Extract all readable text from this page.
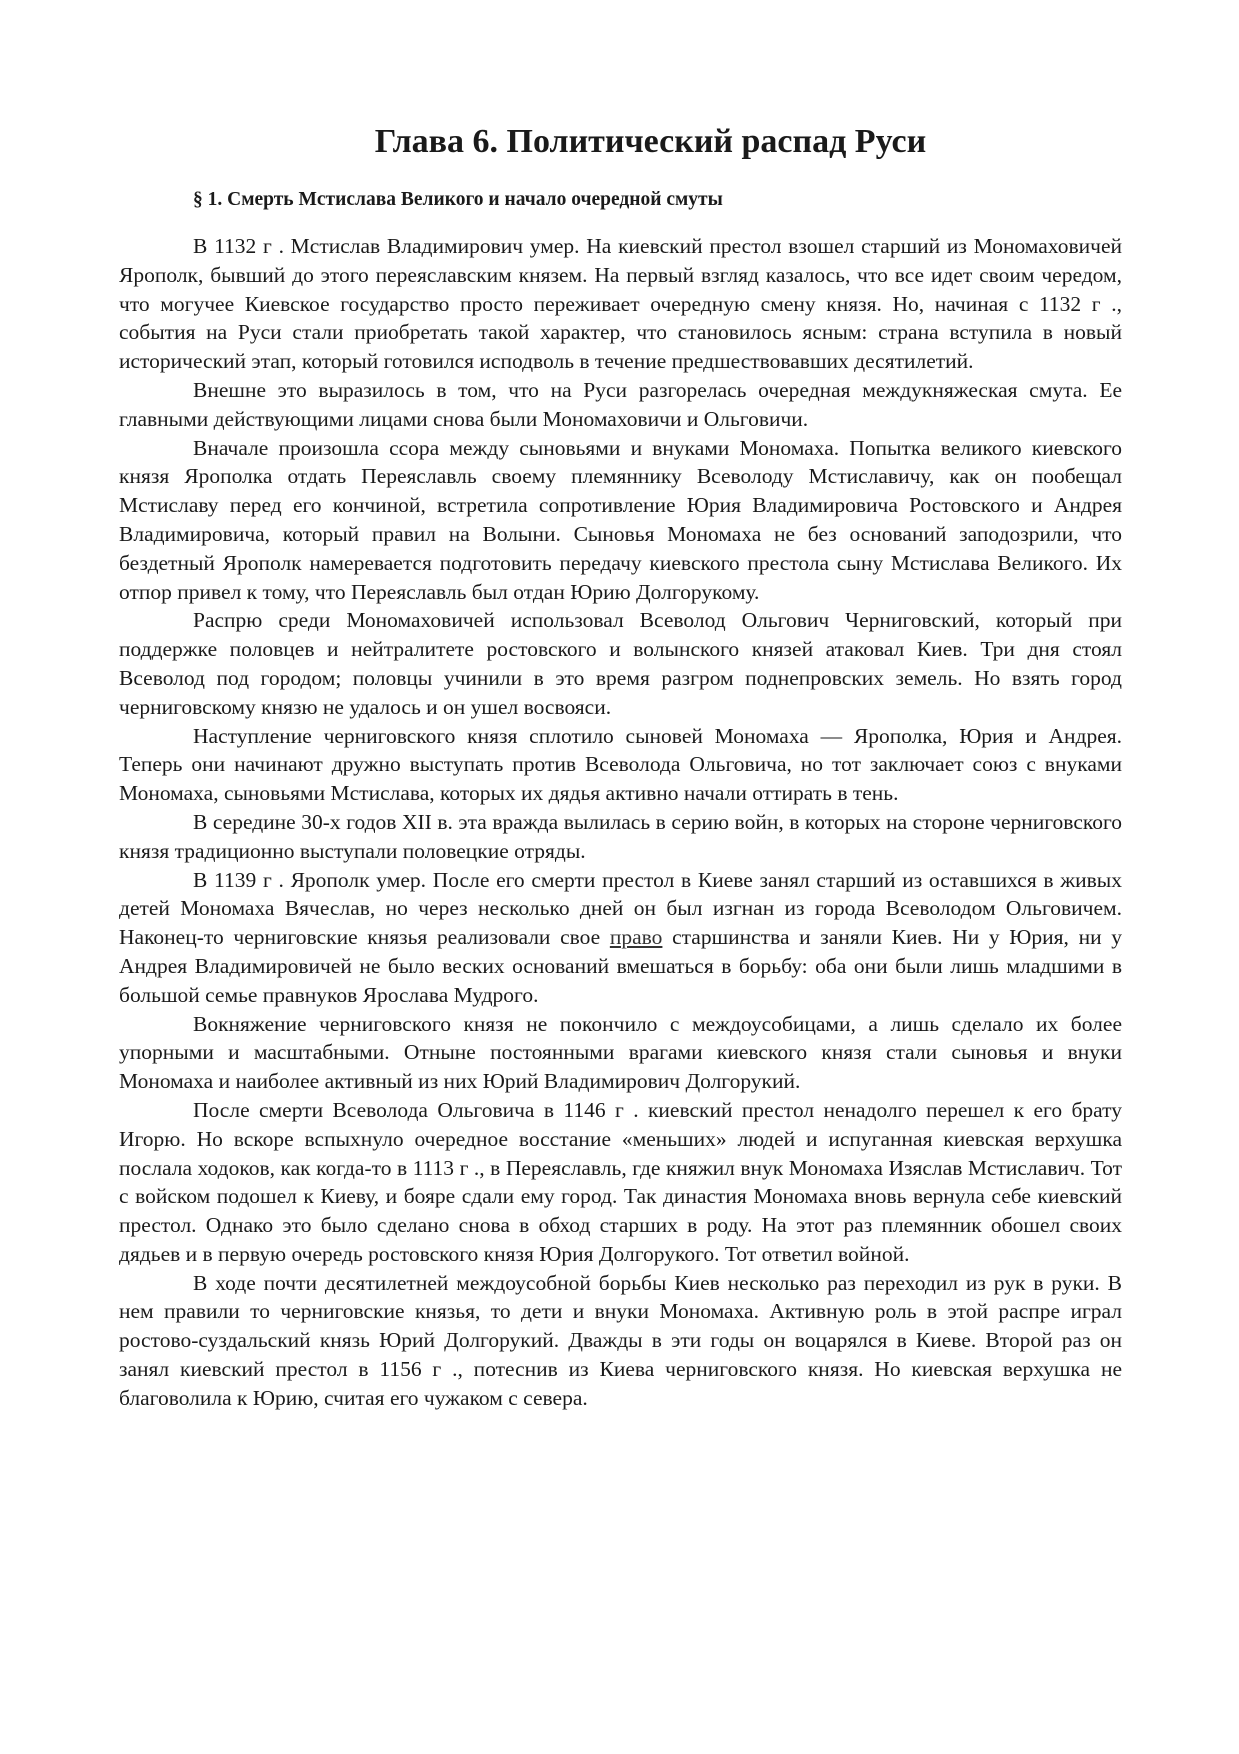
Глава 6. Политический распад Руси
§ 1. Смерть Мстислава Великого и начало очередной смуты

В 1132 г . Мстислав Владимирович умер. На киевский престол взошел старший из Мономаховичей Ярополк, бывший до этого переяславским князем. На первый взгляд казалось, что все идет своим чередом, что могучее Киевское государство просто переживает очередную смену князя. Но, начиная с 1132 г ., события на Руси стали приобретать такой характер, что становилось ясным: страна вступила в новый исторический этап, который готовился исподволь в течение предшествовавших десятилетий.

Внешне это выразилось в том, что на Руси разгорелась очередная междукняжеская смута. Ее главными действующими лицами снова были Мономаховичи и Ольговичи.

Вначале произошла ссора между сыновьями и внуками Мономаха. Попытка великого киевского князя Ярополка отдать Переяславль своему племяннику Всеволоду Мстиславичу, как он пообещал Мстиславу перед его кончиной, встретила сопротивление Юрия Владимировича Ростовского и Андрея Владимировича, который правил на Волыни. Сыновья Мономаха не без оснований заподозрили, что бездетный Ярополк намеревается подготовить передачу киевского престола сыну Мстислава Великого. Их отпор привел к тому, что Переяславль был отдан Юрию Долгорукому.

Распрю среди Мономаховичей использовал Всеволод Ольгович Черниговский, который при поддержке половцев и нейтралитете ростовского и волынского князей атаковал Киев. Три дня стоял Всеволод под городом; половцы учинили в это время разгром поднепровских земель. Но взять город черниговскому князю не удалось и он ушел восвояси.

Наступление черниговского князя сплотило сыновей Мономаха — Ярополка, Юрия и Андрея. Теперь они начинают дружно выступать против Всеволода Ольговича, но тот заключает союз с внуками Мономаха, сыновьями Мстислава, которых их дядья активно начали оттирать в тень.

В середине 30-х годов XII в. эта вражда вылилась в серию войн, в которых на стороне черниговского князя традиционно выступали половецкие отряды.

В 1139 г . Ярополк умер. После его смерти престол в Киеве занял старший из оставшихся в живых детей Мономаха Вячеслав, но через несколько дней он был изгнан из города Всеволодом Ольговичем. Наконец-то черниговские князья реализовали свое право старшинства и заняли Киев. Ни у Юрия, ни у Андрея Владимировичей не было веских оснований вмешаться в борьбу: оба они были лишь младшими в большой семье правнуков Ярослава Мудрого.

Вокняжение черниговского князя не покончило с междоусобицами, а лишь сделало их более упорными и масштабными. Отныне постоянными врагами киевского князя стали сыновья и внуки Мономаха и наиболее активный из них Юрий Владимирович Долгорукий.

После смерти Всеволода Ольговича в 1146 г . киевский престол ненадолго перешел к его брату Игорю. Но вскоре вспыхнуло очередное восстание «меньших» людей и испуганная киевская верхушка послала ходоков, как когда-то в 1113 г ., в Переяславль, где княжил внук Мономаха Изяслав Мстиславич. Тот с войском подошел к Киеву, и бояре сдали ему город. Так династия Мономаха вновь вернула себе киевский престол. Однако это было сделано снова в обход старших в роду. На этот раз племянник обошел своих дядьев и в первую очередь ростовского князя Юрия Долгорукого. Тот ответил войной.

В ходе почти десятилетней междоусобной борьбы Киев несколько раз переходил из рук в руки. В нем правили то черниговские князья, то дети и внуки Мономаха. Активную роль в этой распре играл ростово-суздальский князь Юрий Долгорукий. Дважды в эти годы он воцарялся в Киеве. Второй раз он занял киевский престол в 1156 г ., потеснив из Киева черниговского князя. Но киевская верхушка не благоволила к Юрию, считая его чужаком с севера.
